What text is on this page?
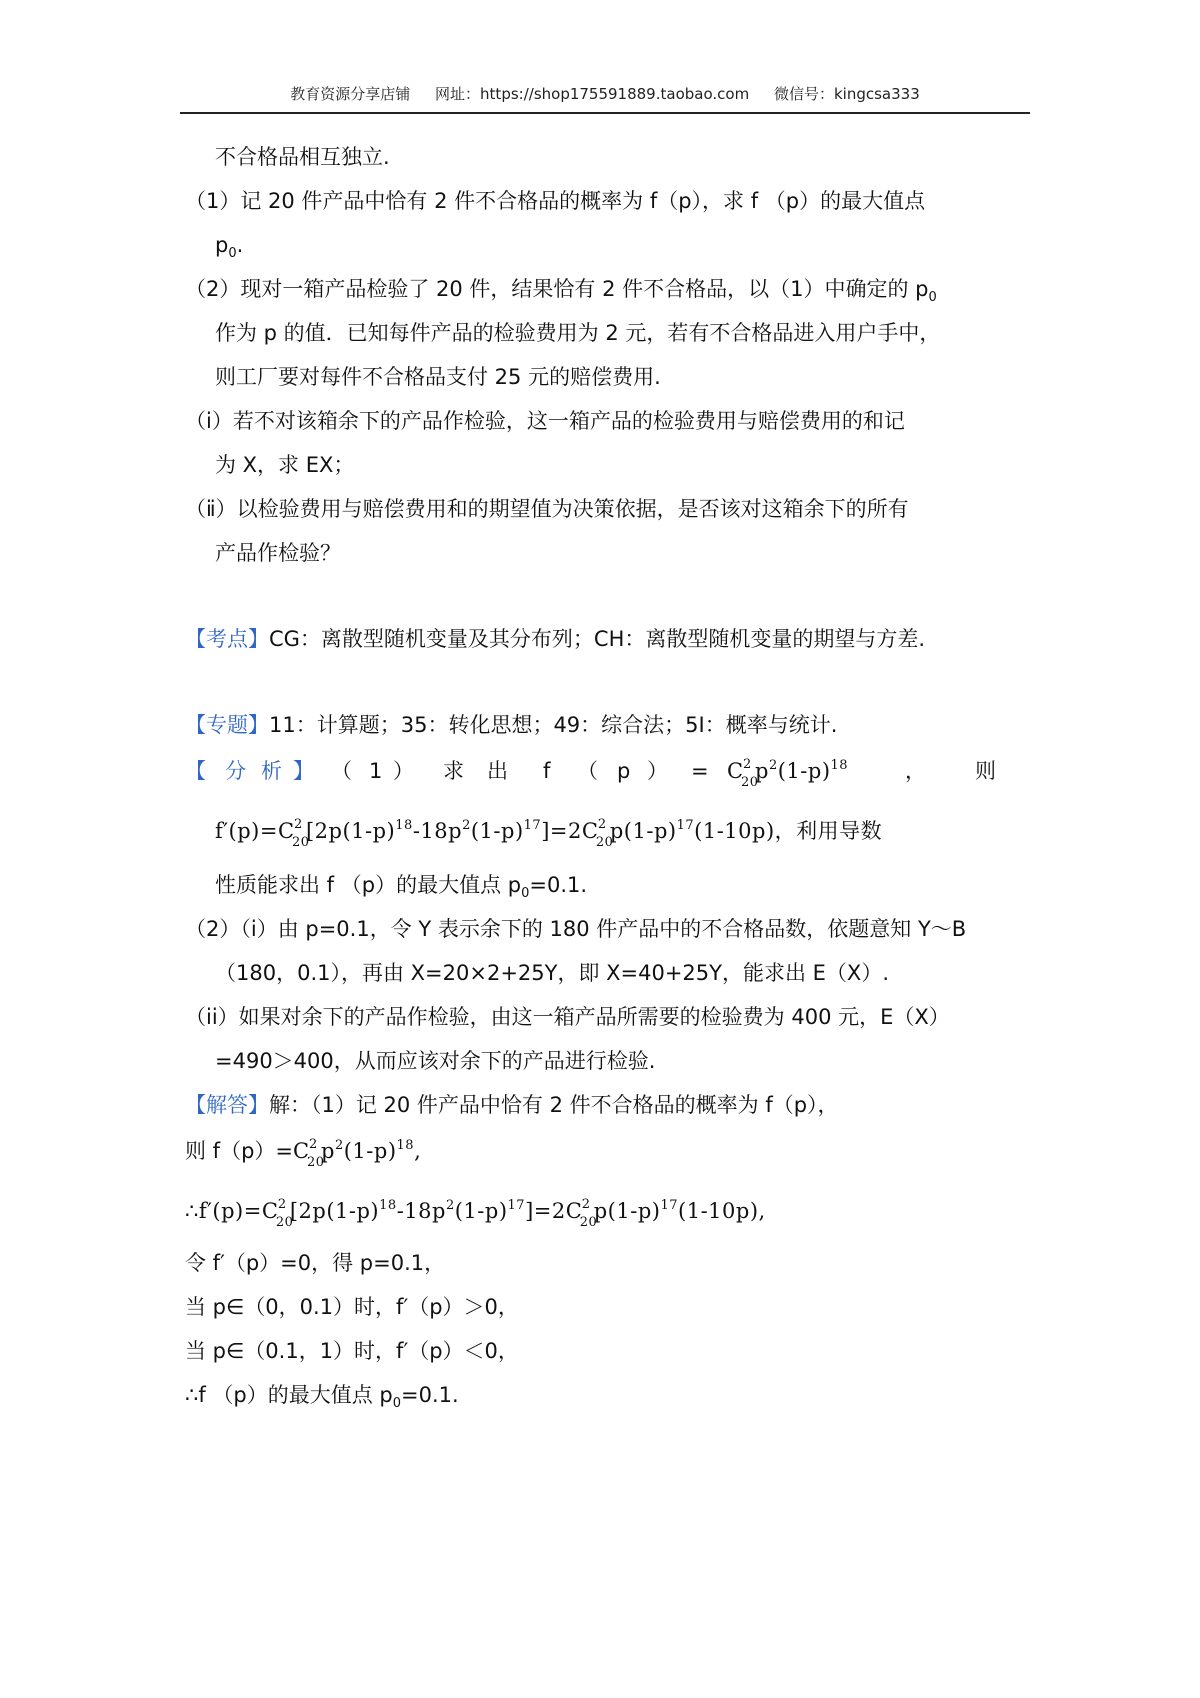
教育资源分享店铺 网址：https://shop175591889.taobao.com 微信号：kingcsa333
不合格品相互独立.
（1）记 20 件产品中恰有 2 件不合格品的概率为 f（p），求 f （p）的最大值点
$p_0$.
（2）现对一箱产品检验了 20 件，结果恰有 2 件不合格品，以（1）中确定的 $p_0$
作为 p 的值．已知每件产品的检验费用为 2 元，若有不合格品进入用户手中，
则工厂要对每件不合格品支付 25 元的赔偿费用.
（i）若不对该箱余下的产品作检验，这一箱产品的检验费用与赔偿费用的和记
为 X，求 EX；
（ⅱ）以检验费用与赔偿费用和的期望值为决策依据，是否该对这箱余下的所有
产品作检验？
【考点】CG：离散型随机变量及其分布列；CH：离散型随机变量的期望与方差.
【专题】11：计算题；35：转化思想；49：综合法；5I：概率与统计.
【 分 析 】 （ 1 ） 求 出 f （ p ） = C 2
20
$p^2(1-p)^{18}$	， 则
f′(p)= C 2
20
$[2p(1-p)^{18}-18p^2(1-p)^{17}]=2$ C 2
20
$p(1-p)^{17}(1-10p)$，利用导数
性质能求出 f （p）的最大值点 $p_0=0.1$.
（2）（i）由 p=0.1，令 Y 表示余下的 180 件产品中的不合格品数，依题意知 Y～B
（180，0.1），再由 X=20×2+25Y，即 X=40+25Y，能求出 E（X）.
（ii）如果对余下的产品作检验，由这一箱产品所需要的检验费为 400 元，E（X）
=490＞400，从而应该对余下的产品进行检验.
【解答】解：（1）记 20 件产品中恰有 2 件不合格品的概率为 f（p），
则 f（p）= C 2
20
$p^2(1-p)^{18}$,
∴f′(p)= C 2
20
$[2p(1-p)^{18}-18p^2(1-p)^{17}]=2$ C 2
20
$p(1-p)^{17}(1-10p)$,
令 f′（p）=0，得 p=0.1，
当 p∈（0，0.1）时，f′（p）＞0，
当 p∈（0.1，1）时，f′（p）＜0，
∴f （p）的最大值点 $p_0=0.1$.
